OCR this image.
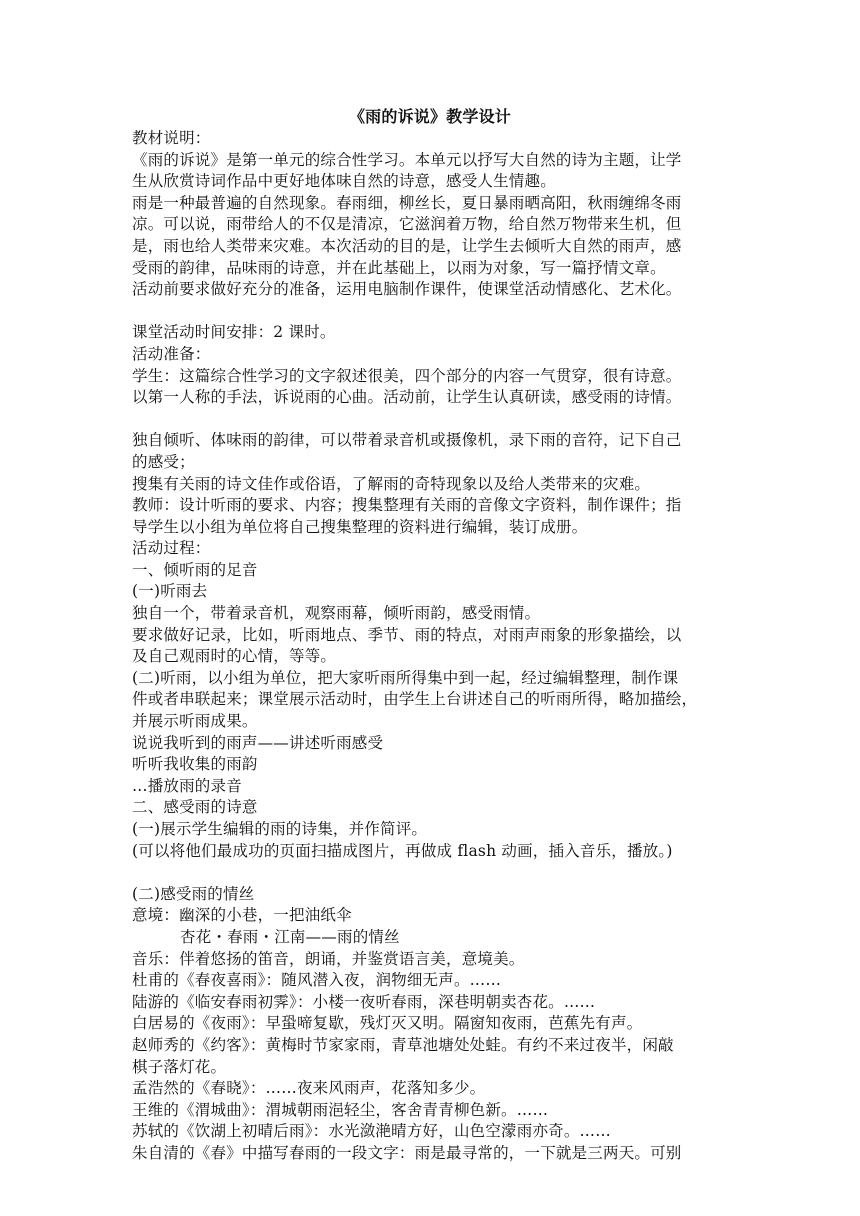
《雨的诉说》教学设计
教材说明：
《雨的诉说》是第一单元的综合性学习。本单元以抒写大自然的诗为主题，让学
生从欣赏诗词作品中更好地体味自然的诗意，感受人生情趣。
雨是一种最普遍的自然现象。春雨细，柳丝长，夏日暴雨晒高阳，秋雨缠绵冬雨
凉。可以说，雨带给人的不仅是清凉，它滋润着万物，给自然万物带来生机，但
是，雨也给人类带来灾难。本次活动的目的是，让学生去倾听大自然的雨声，感
受雨的韵律，品味雨的诗意，并在此基础上，以雨为对象，写一篇抒情文章。
活动前要求做好充分的准备，运用电脑制作课件，使课堂活动情感化、艺术化。
课堂活动时间安排：2 课时。
活动准备：
学生：这篇综合性学习的文字叙述很美，四个部分的内容一气贯穿，很有诗意。
以第一人称的手法，诉说雨的心曲。活动前，让学生认真研读，感受雨的诗情。
独自倾听、体味雨的韵律，可以带着录音机或摄像机，录下雨的音符，记下自己
的感受；
搜集有关雨的诗文佳作或俗语，了解雨的奇特现象以及给人类带来的灾难。
教师：设计听雨的要求、内容；搜集整理有关雨的音像文字资料，制作课件；指
导学生以小组为单位将自己搜集整理的资料进行编辑，装订成册。
活动过程：
一、倾听雨的足音
(一)听雨去
独自一个，带着录音机，观察雨幕，倾听雨韵，感受雨情。
要求做好记录，比如，听雨地点、季节、雨的特点，对雨声雨象的形象描绘，以
及自己观雨时的心情，等等。
(二)听雨，以小组为单位，把大家听雨所得集中到一起，经过编辑整理，制作课
件或者串联起来；课堂展示活动时，由学生上台讲述自己的听雨所得，略加描绘，
并展示听雨成果。
说说我听到的雨声——讲述听雨感受
听听我收集的雨韵
…播放雨的录音
二、感受雨的诗意
(一)展示学生编辑的雨的诗集，并作简评。
(可以将他们最成功的页面扫描成图片，再做成 flash 动画，插入音乐，播放。)
(二)感受雨的情丝
意境：幽深的小巷，一把油纸伞
杏花・春雨・江南——雨的情丝
音乐：伴着悠扬的笛音，朗诵，并鉴赏语言美，意境美。
杜甫的《春夜喜雨》：随风潜入夜，润物细无声。……
陆游的《临安春雨初霁》：小楼一夜听春雨，深巷明朝卖杏花。……
白居易的《夜雨》：早蛩啼复歇，残灯灭又明。隔窗知夜雨，芭蕉先有声。
赵师秀的《约客》：黄梅时节家家雨，青草池塘处处蛙。有约不来过夜半，闲敲
棋子落灯花。
孟浩然的《春晓》：……夜来风雨声，花落知多少。
王维的《渭城曲》：渭城朝雨浥轻尘，客舍青青柳色新。……
苏轼的《饮湖上初晴后雨》：水光潋滟晴方好，山色空濛雨亦奇。……
朱自清的《春》中描写春雨的一段文字：雨是最寻常的，一下就是三两天。可别
